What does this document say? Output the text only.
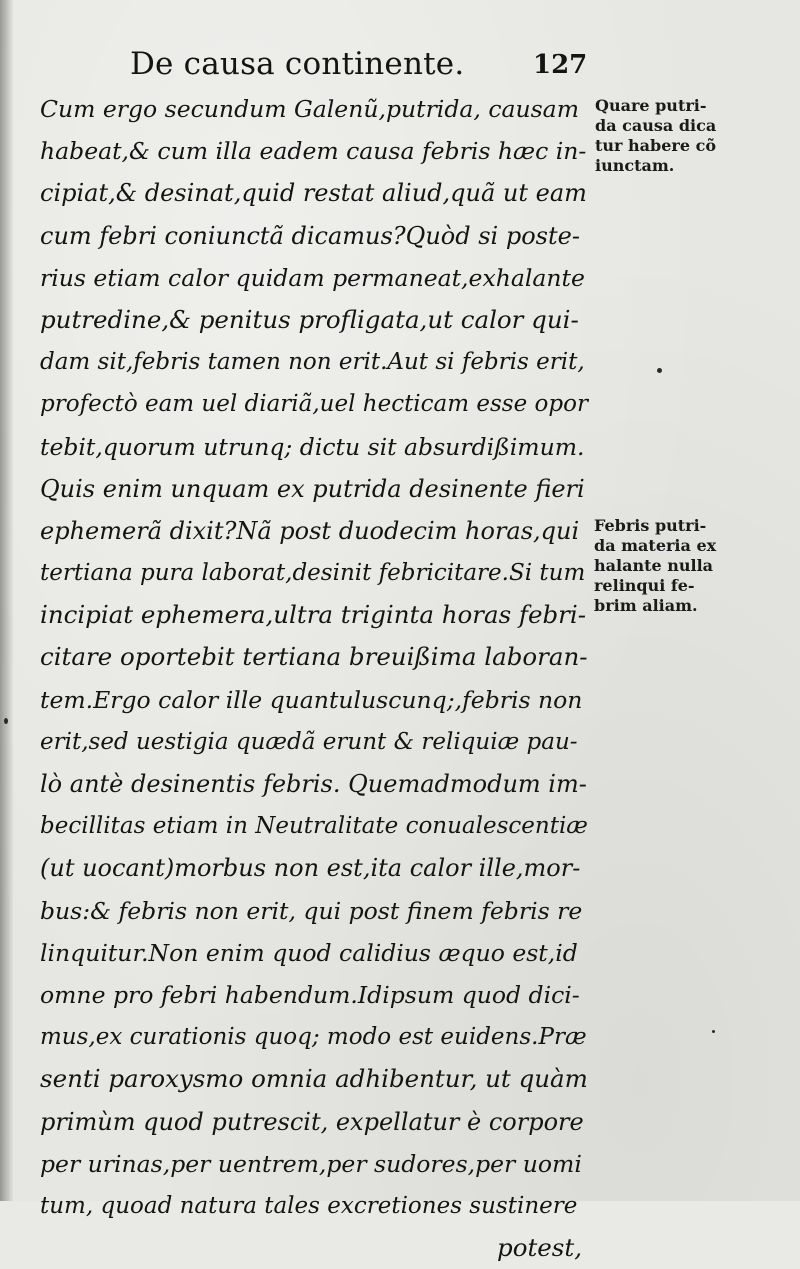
De causa continente.	127
Cum ergo secundum Galenũ,putrida, causam
habeat,& cum illa eadem causa febris hæc in-
cipiat,& desinat,quid restat aliud,quã ut eam
cum febri coniunctã dicamus?Quòd si poste-
rius etiam calor quidam permaneat,exhalante
putredine,& penitus profligata,ut calor qui-
dam sit,febris tamen non erit.Aut si febris erit,
profectò eam uel diariã,uel hecticam esse opor
tebit,quorum utrunq; dictu sit absurdißimum.
Quis enim unquam ex putrida desinente fieri
ephemerã dixit?Nã post duodecim horas,qui
tertiana pura laborat,desinit febricitare.Si tum
incipiat ephemera,ultra triginta horas febri-
citare oportebit tertiana breuißima laboran-
tem.Ergo calor ille quantuluscunq;,febris non
erit,sed uestigia quædã erunt & reliquiæ pau-
lò antè desinentis febris. Quemadmodum im-
becillitas etiam in Neutralitate conualescentiæ
(ut uocant)morbus non est,ita calor ille,mor-
bus:& febris non erit, qui post finem febris re
linquitur.Non enim quod calidius æquo est,id
omne pro febri habendum.Idipsum quod dici-
mus,ex curationis quoq; modo est euidens.Præ
senti paroxysmo omnia adhibentur, ut quàm
primùm quod putrescit, expellatur è corpore
per urinas,per uentrem,per sudores,per uomi
tum, quoad natura tales excretiones sustinere
potest,
Quare putri-
da causa dica
tur habere cõ
iunctam.
Febris putri-
da materia ex
halante nulla
relinqui fe-
brim aliam.
